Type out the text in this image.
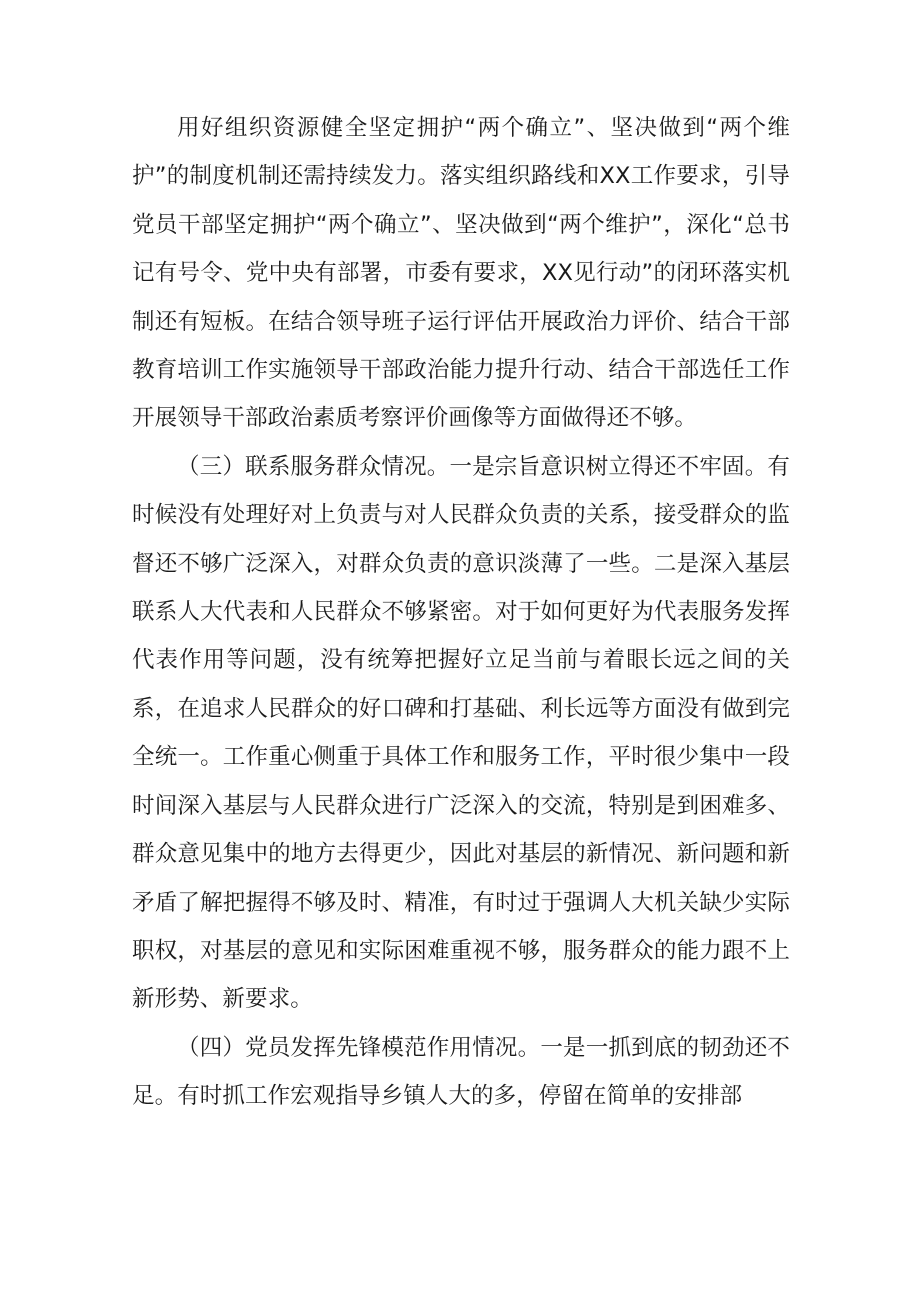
用好组织资源健全坚定拥护“两个确立”、坚决做到“两个维护”的制度机制还需持续发力。落实组织路线和XX工作要求，引导党员干部坚定拥护“两个确立”、坚决做到“两个维护”，深化“总书记有号令、党中央有部署，市委有要求，XX见行动”的闭环落实机制还有短板。在结合领导班子运行评估开展政治力评价、结合干部教育培训工作实施领导干部政治能力提升行动、结合干部选任工作开展领导干部政治素质考察评价画像等方面做得还不够。

（三）联系服务群众情况。一是宗旨意识树立得还不牢固。有时候没有处理好对上负责与对人民群众负责的关系，接受群众的监督还不够广泛深入，对群众负责的意识淡薄了一些。二是深入基层联系人大代表和人民群众不够紧密。对于如何更好为代表服务发挥代表作用等问题，没有统筹把握好立足当前与着眼长远之间的关系，在追求人民群众的好口碑和打基础、利长远等方面没有做到完全统一。工作重心侧重于具体工作和服务工作，平时很少集中一段时间深入基层与人民群众进行广泛深入的交流，特别是到困难多、群众意见集中的地方去得更少，因此对基层的新情况、新问题和新矛盾了解把握得不够及时、精准，有时过于强调人大机关缺少实际职权，对基层的意见和实际困难重视不够，服务群众的能力跟不上新形势、新要求。

（四）党员发挥先锋模范作用情况。一是一抓到底的韧劲还不足。有时抓工作宏观指导乡镇人大的多，停留在简单的安排部
